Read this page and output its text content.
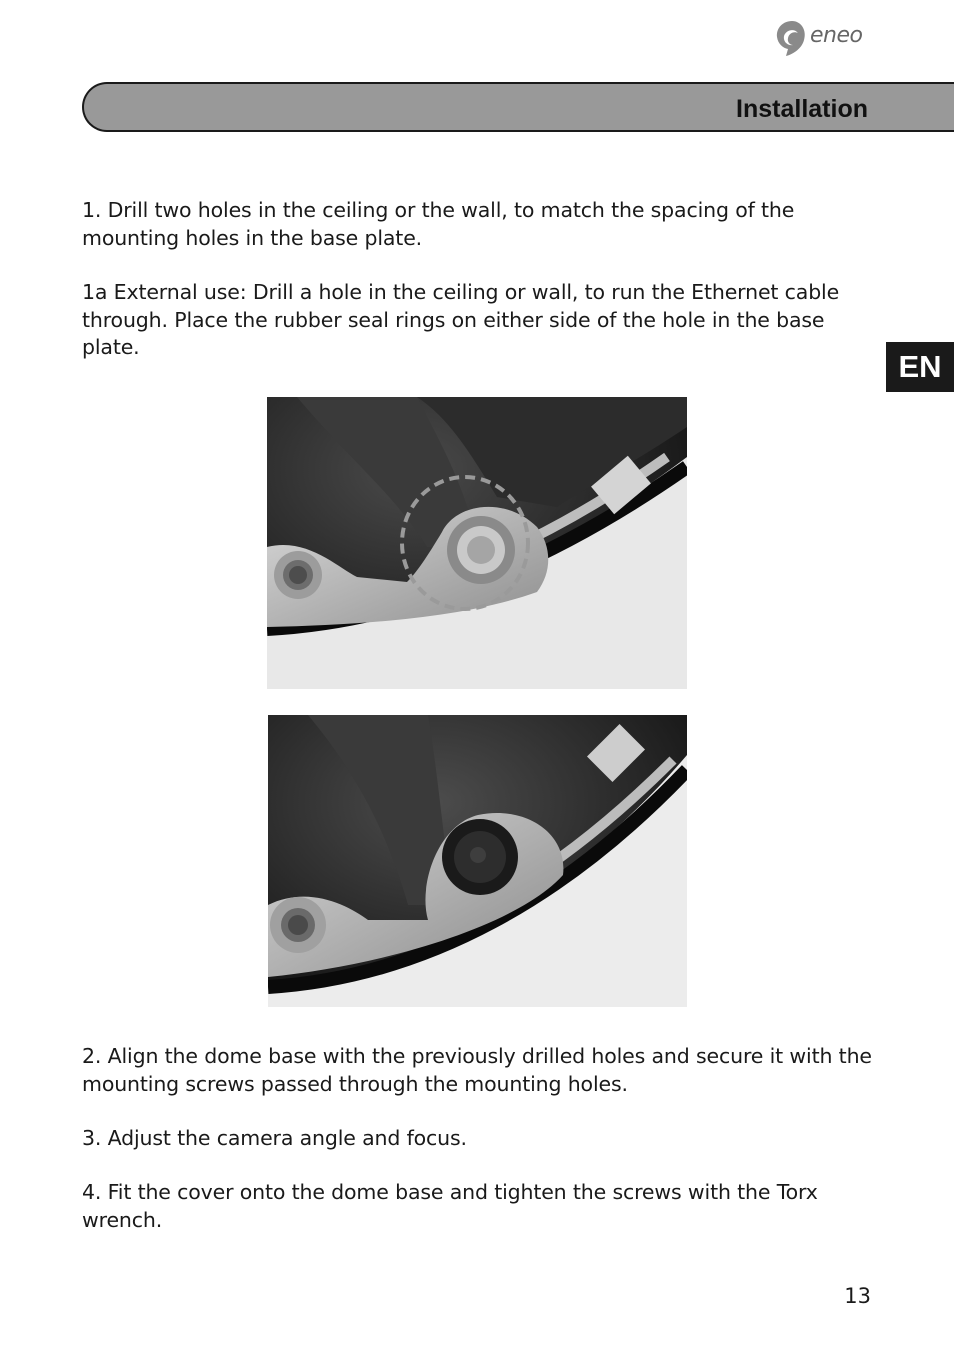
eneo
Installation
EN

1. Drill two holes in the ceiling or the wall, to match the spacing of the mounting holes in the base plate.

1a External use: Drill a hole in the ceiling or wall, to run the Ethernet cable through. Place the rubber seal rings on either side of the hole in the base plate.

2. Align the dome base with the previously drilled holes and secure it with the mounting screws passed through the mounting holes.

3. Adjust the camera angle and focus.

4. Fit the cover onto the dome base and tighten the screws with the Torx wrench.

13
